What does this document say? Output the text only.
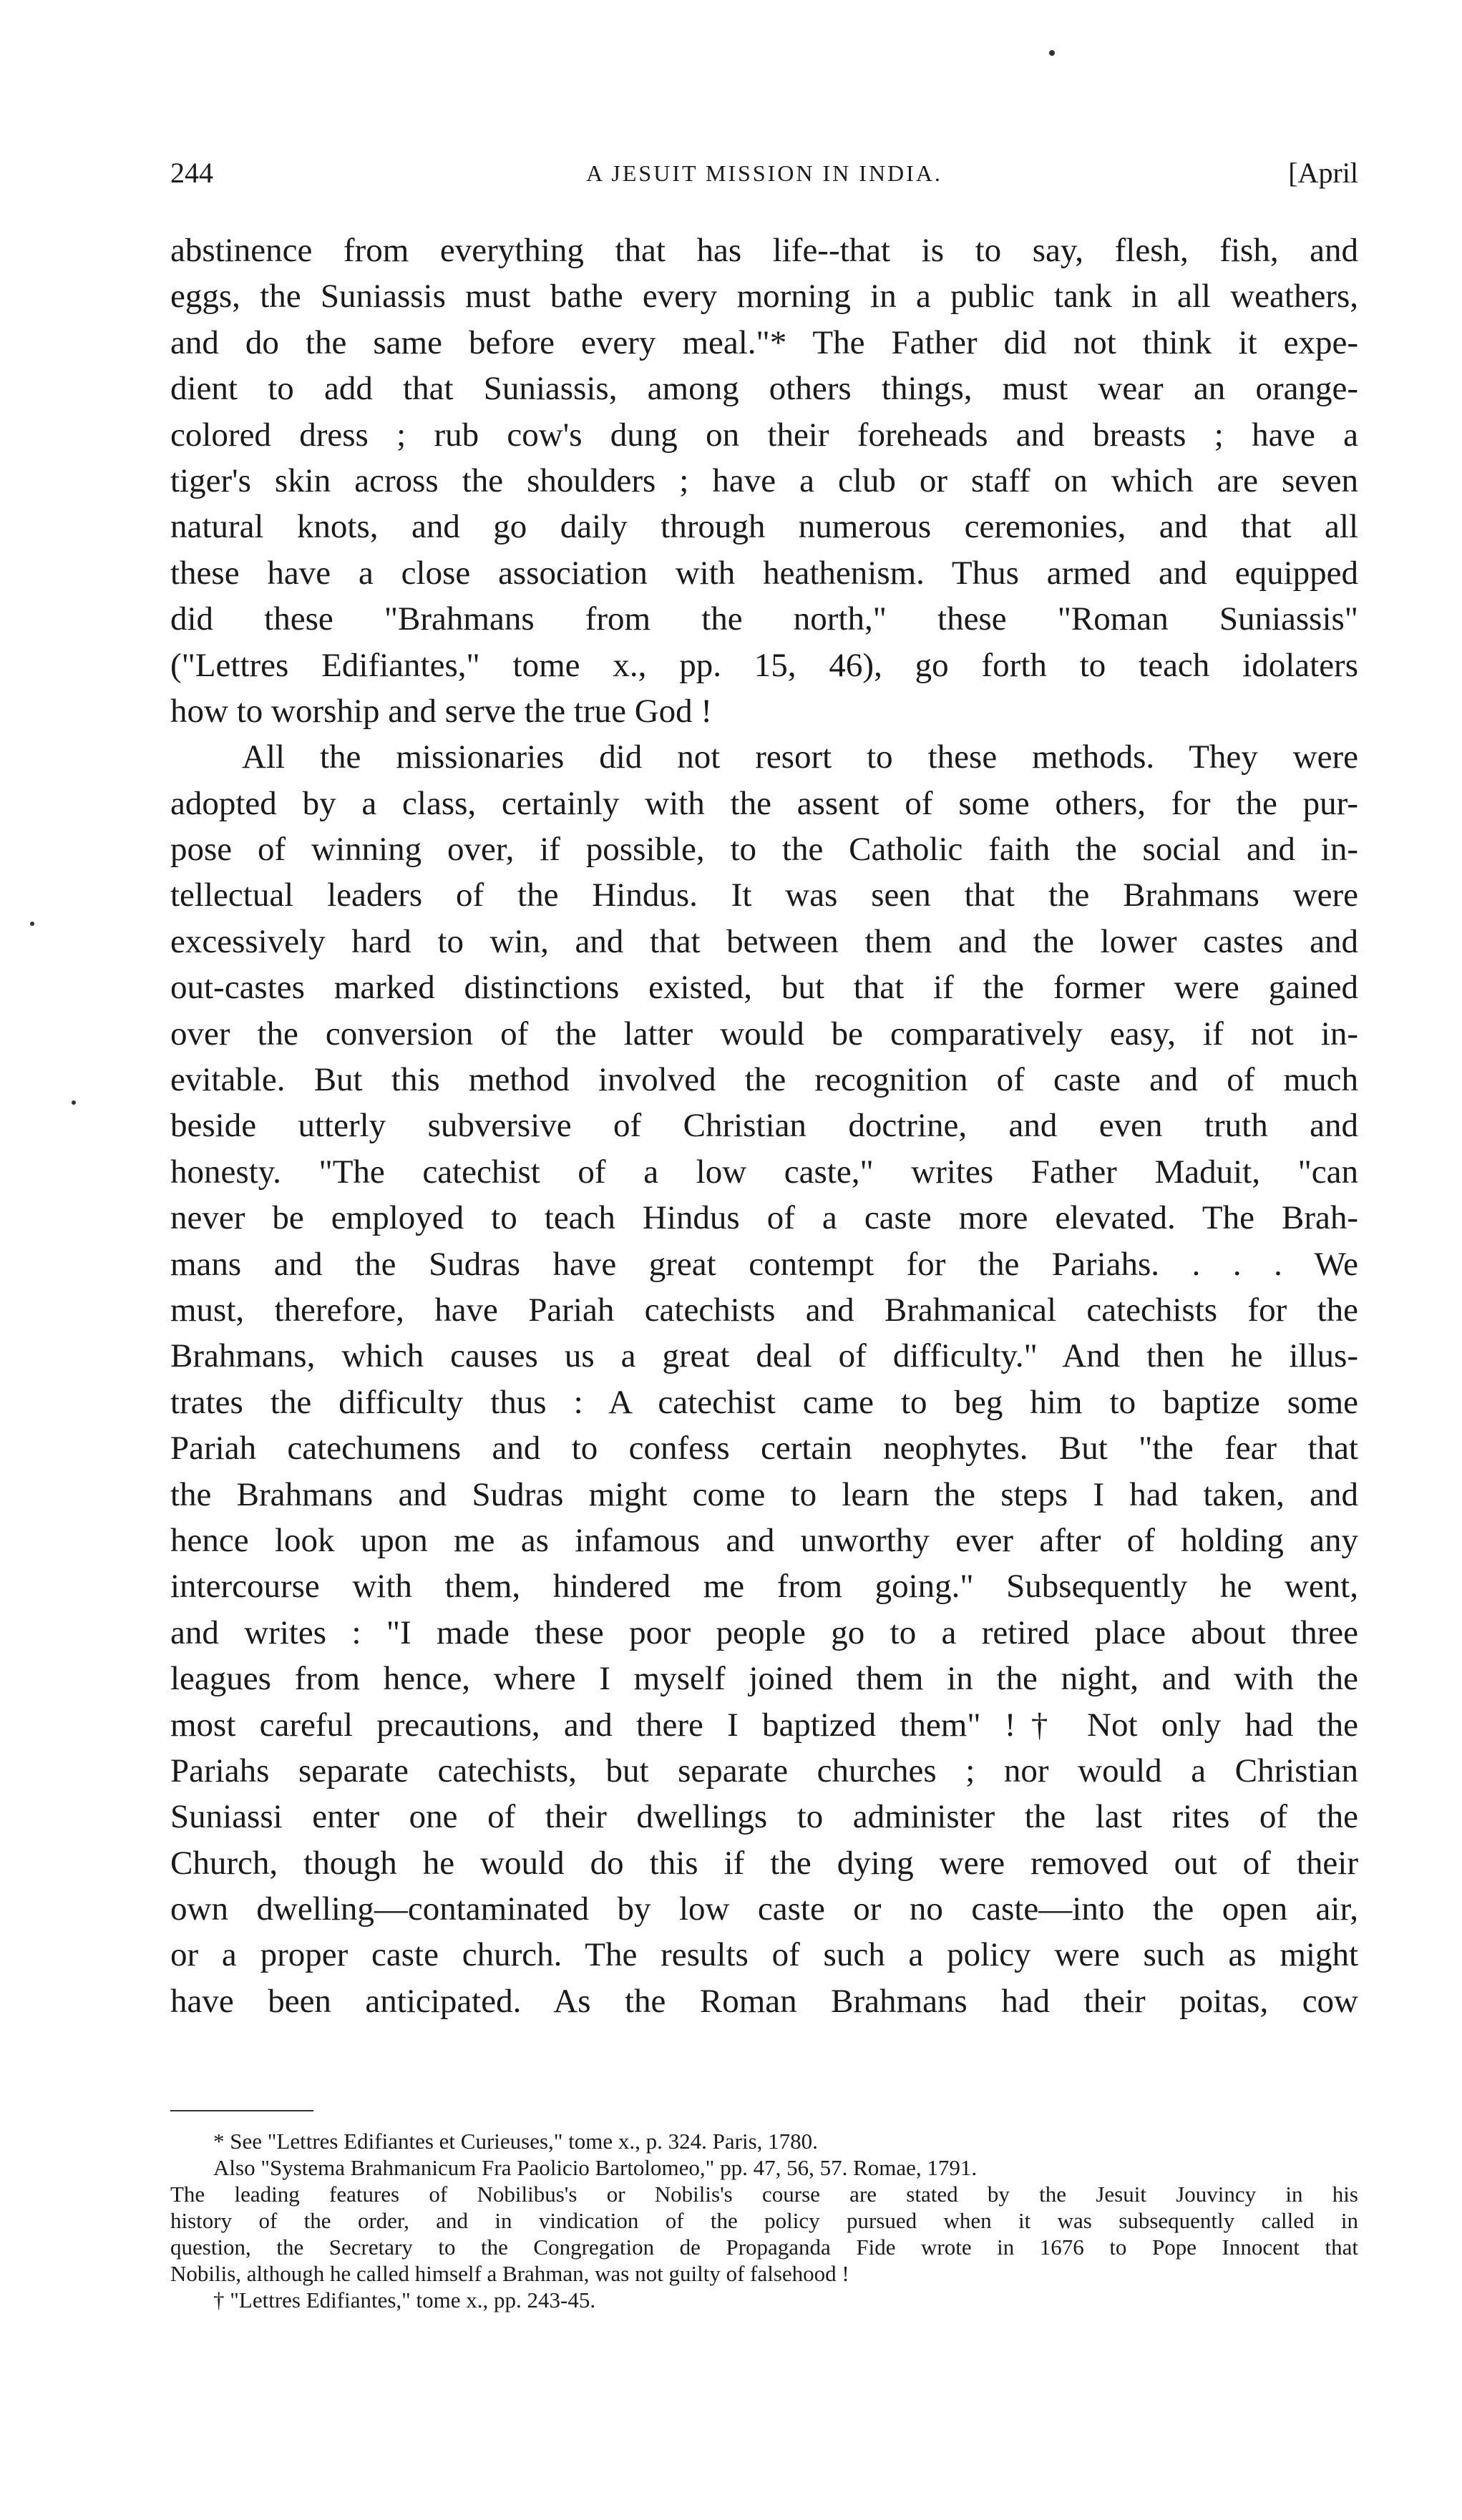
244	A JESUIT MISSION IN INDIA.	[April
abstinence from everything that has life--that is to say, flesh, fish, and
eggs, the Suniassis must bathe every morning in a public tank in all weathers,
and do the same before every meal."* The Father did not think it expe-
dient to add that Suniassis, among others things, must wear an orange-
colored dress ; rub cow's dung on their foreheads and breasts ; have a
tiger's skin across the shoulders ; have a club or staff on which are seven
natural knots, and go daily through numerous ceremonies, and that all
these have a close association with heathenism. Thus armed and equipped
did these "Brahmans from the north," these "Roman Suniassis"
("Lettres Edifiantes," tome x., pp. 15, 46), go forth to teach idolaters
how to worship and serve the true God !
All the missionaries did not resort to these methods. They were
adopted by a class, certainly with the assent of some others, for the pur-
pose of winning over, if possible, to the Catholic faith the social and in-
tellectual leaders of the Hindus. It was seen that the Brahmans were
excessively hard to win, and that between them and the lower castes and
out-castes marked distinctions existed, but that if the former were gained
over the conversion of the latter would be comparatively easy, if not in-
evitable. But this method involved the recognition of caste and of much
beside utterly subversive of Christian doctrine, and even truth and
honesty. "The catechist of a low caste," writes Father Maduit, "can
never be employed to teach Hindus of a caste more elevated. The Brah-
mans and the Sudras have great contempt for the Pariahs. . . . We
must, therefore, have Pariah catechists and Brahmanical catechists for the
Brahmans, which causes us a great deal of difficulty." And then he illus-
trates the difficulty thus : A catechist came to beg him to baptize some
Pariah catechumens and to confess certain neophytes. But "the fear that
the Brahmans and Sudras might come to learn the steps I had taken, and
hence look upon me as infamous and unworthy ever after of holding any
intercourse with them, hindered me from going." Subsequently he went,
and writes : "I made these poor people go to a retired place about three
leagues from hence, where I myself joined them in the night, and with the
most careful precautions, and there I baptized them" !† Not only had the
Pariahs separate catechists, but separate churches ; nor would a Christian
Suniassi enter one of their dwellings to administer the last rites of the
Church, though he would do this if the dying were removed out of their
own dwelling—contaminated by low caste or no caste—into the open air,
or a proper caste church. The results of such a policy were such as might
have been anticipated. As the Roman Brahmans had their poitas, cow
* See "Lettres Edifiantes et Curieuses," tome x., p. 324. Paris, 1780.
Also "Systema Brahmanicum Fra Paolicio Bartolomeo," pp. 47, 56, 57. Romae, 1791.
The leading features of Nobilibus's or Nobilis's course are stated by the Jesuit Jouvincy in his
history of the order, and in vindication of the policy pursued when it was subsequently called in
question, the Secretary to the Congregation de Propaganda Fide wrote in 1676 to Pope Innocent that
Nobilis, although he called himself a Brahman, was not guilty of falsehood !
† "Lettres Edifiantes," tome x., pp. 243-45.
